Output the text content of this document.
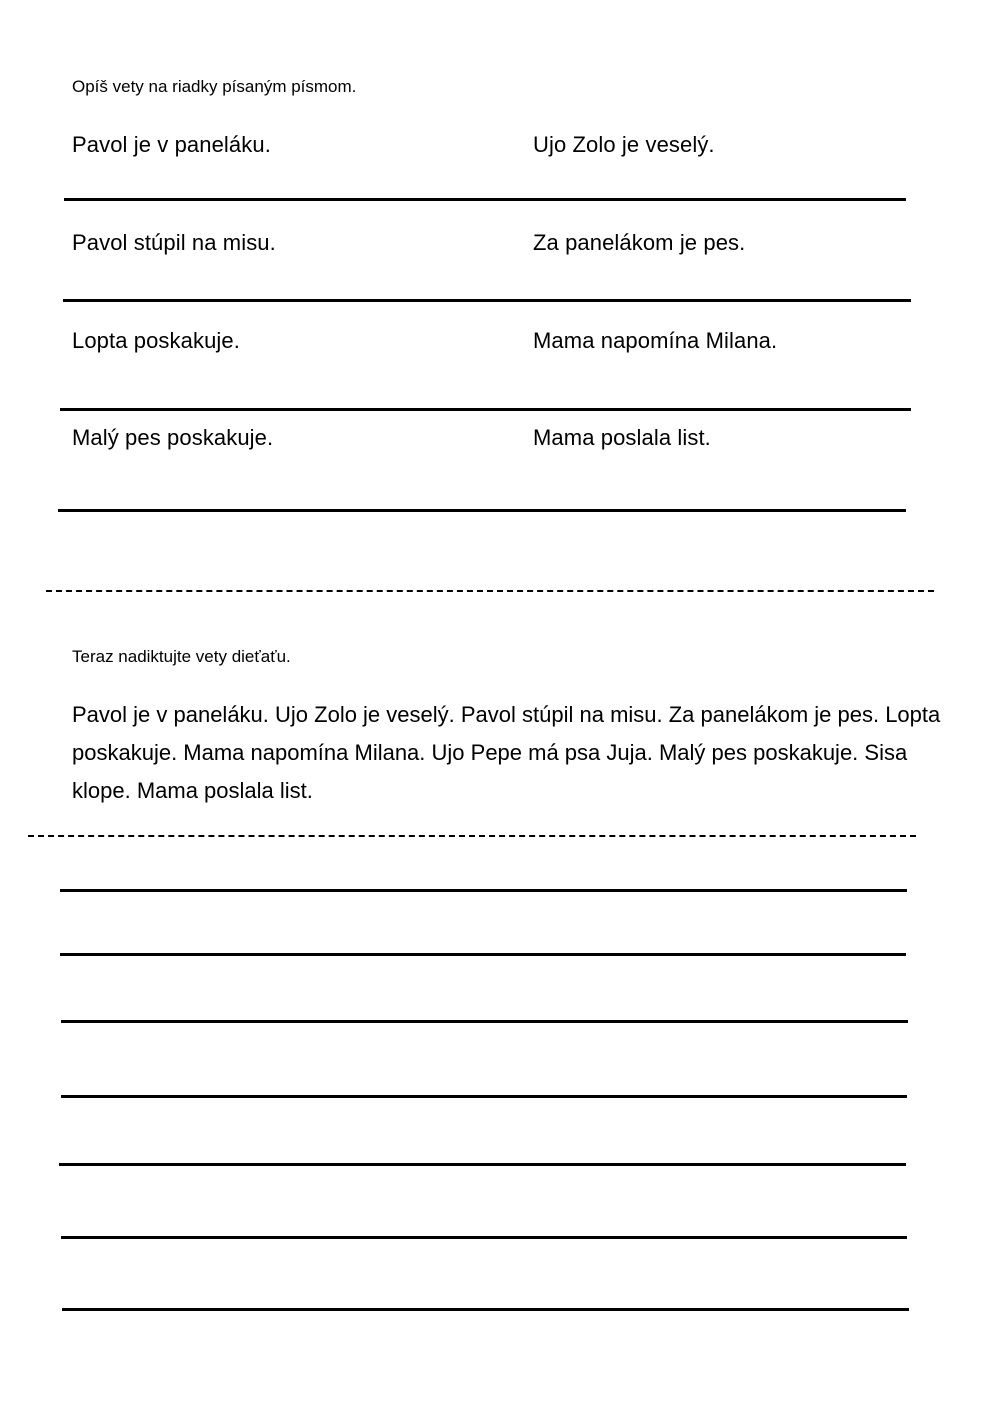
Opíš vety na riadky písaným písmom.
Pavol je v paneláku.	Ujo Zolo je veselý.
Pavol stúpil na misu.	Za panelákom je pes.
Lopta poskakuje.	Mama napomína Milana.
Malý pes poskakuje.	Mama poslala list.
Teraz nadiktujte vety dieťaťu.
Pavol je v paneláku. Ujo Zolo je veselý. Pavol stúpil na misu. Za panelákom je pes. Lopta poskakuje. Mama napomína Milana. Ujo Pepe má psa Juja. Malý pes poskakuje. Sisa klope. Mama poslala list.
